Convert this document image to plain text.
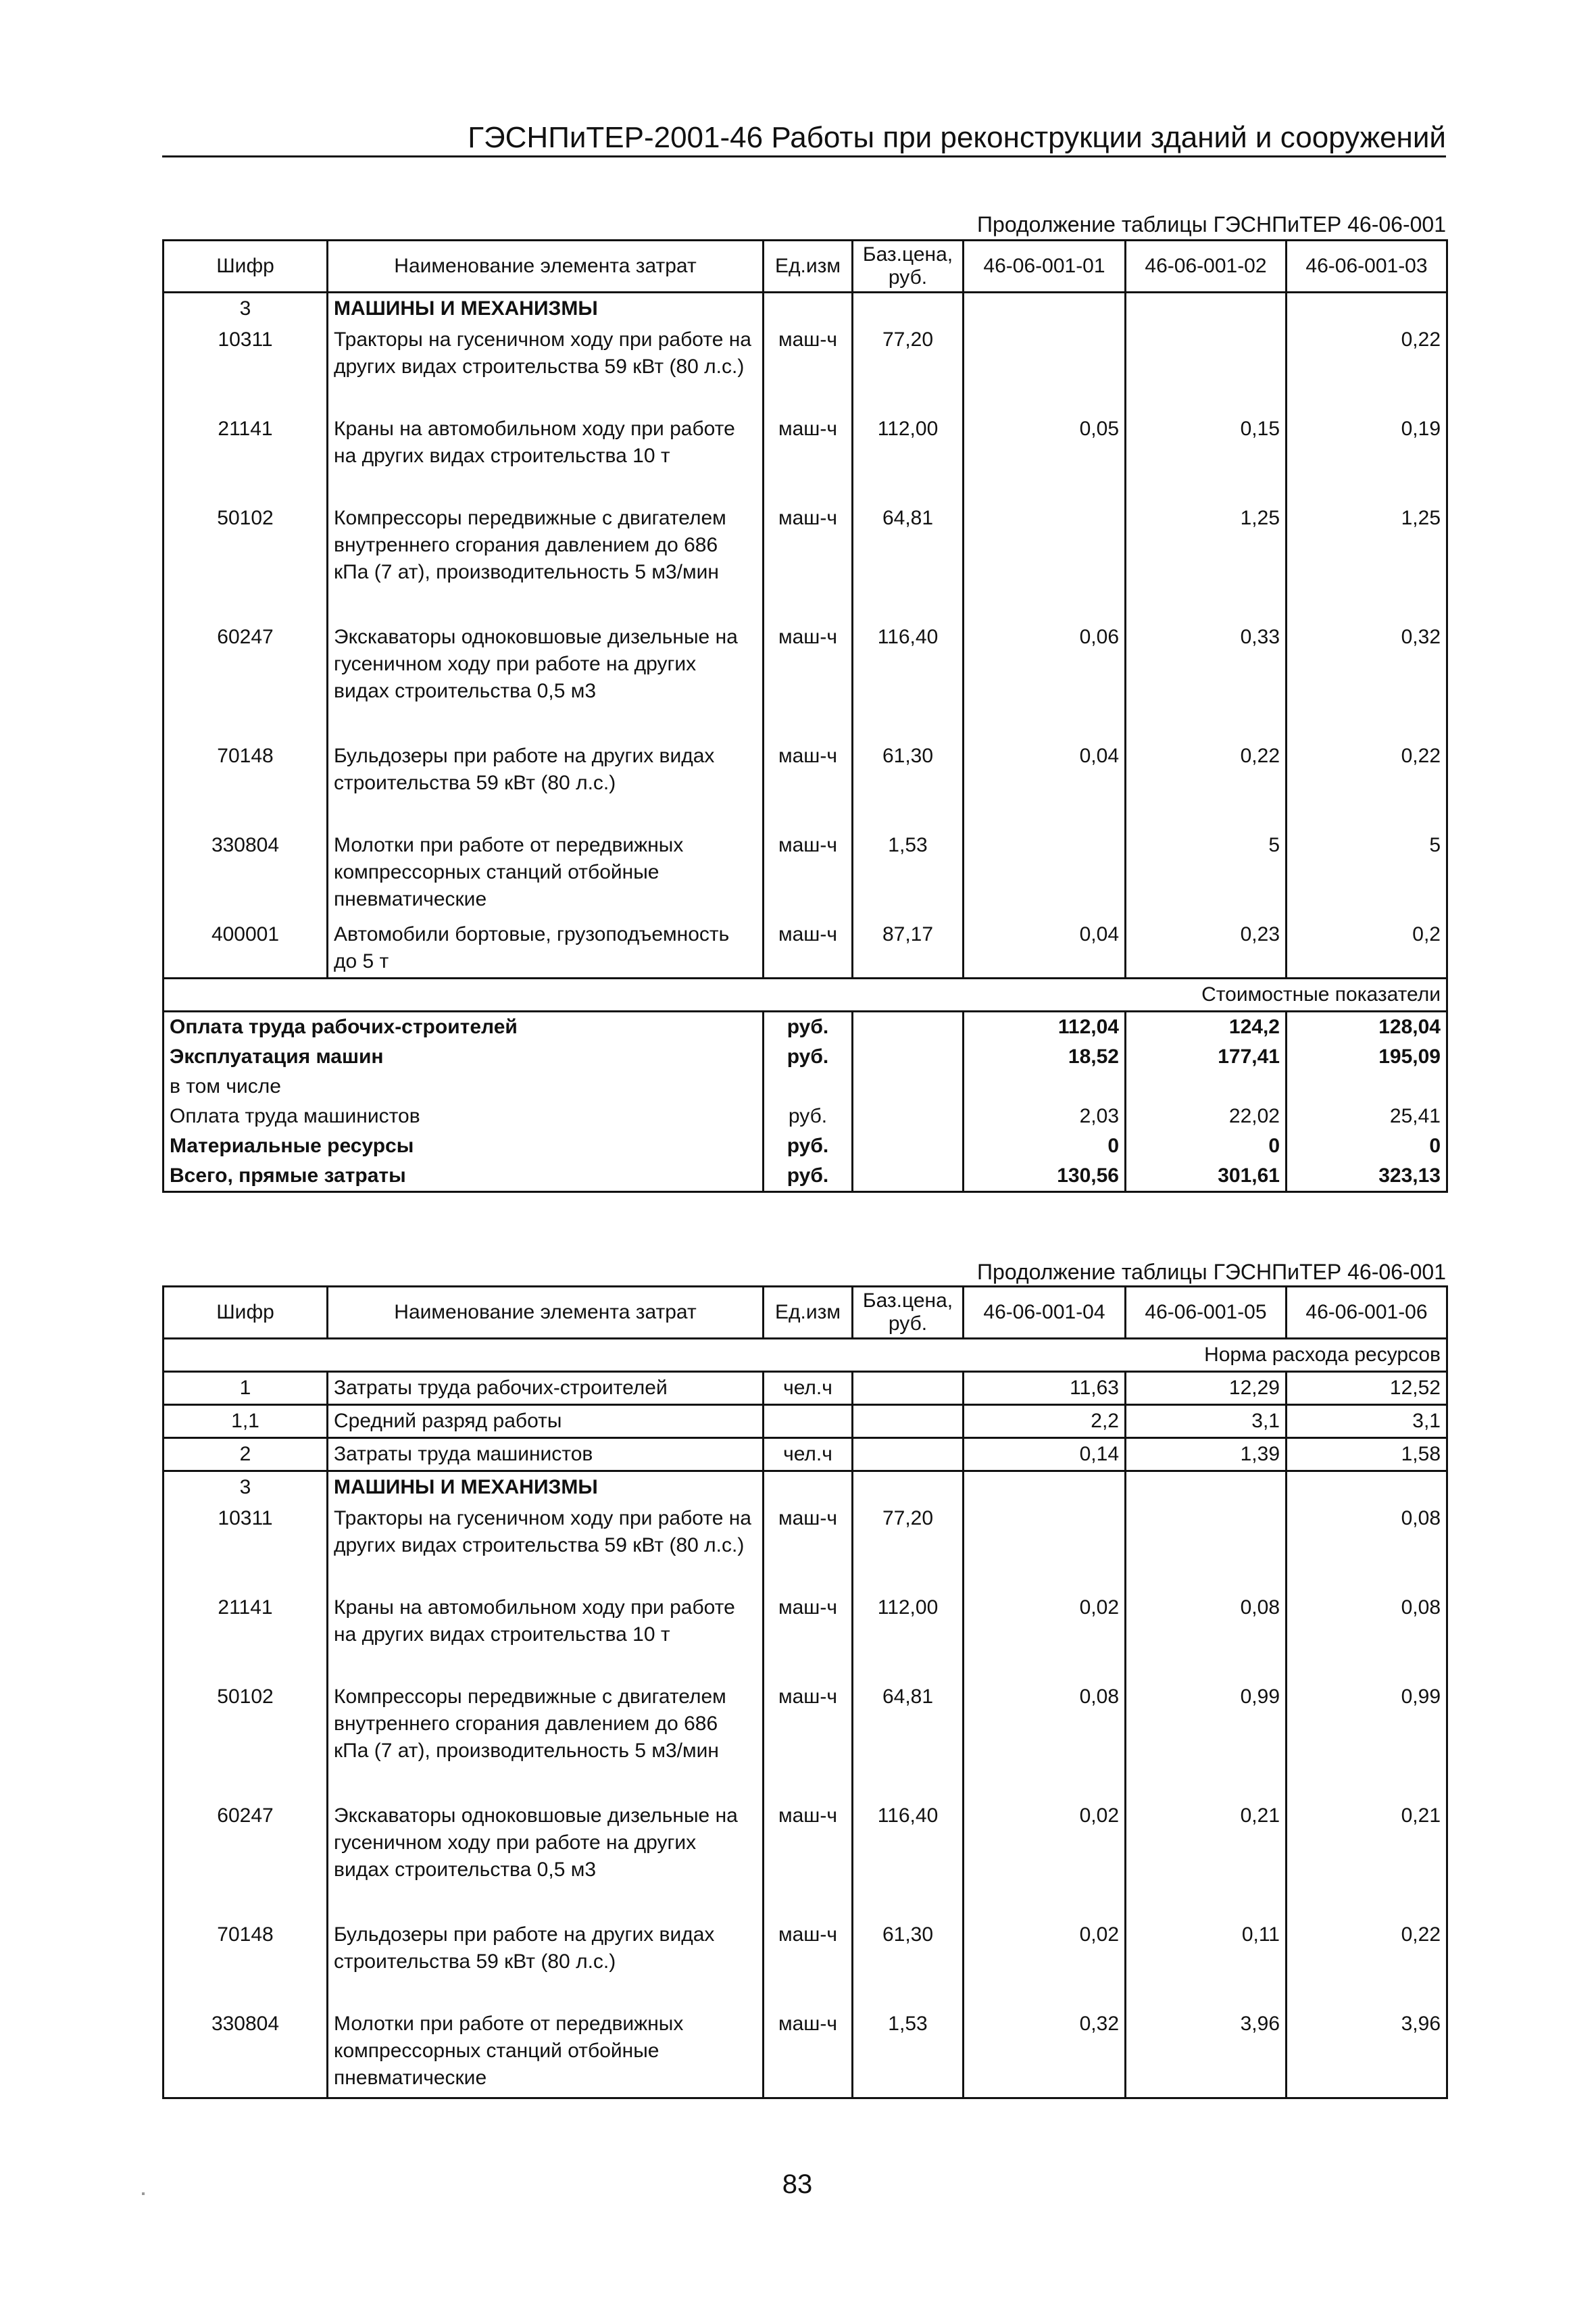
ГЭСНПиТЕР-2001-46 Работы при реконструкции зданий и сооружений
Продолжение таблицы ГЭСНПиТЕР 46-06-001
Шифр	Наименование элемента затрат	Ед.изм	Баз.цена, руб.	46-06-001-01	46-06-001-02	46-06-001-03
3	МАШИНЫ И МЕХАНИЗМЫ					
10311	Тракторы на гусеничном ходу при работе на других видах строительства 59 кВт (80 л.с.)	маш-ч	77,20			0,22
21141	Краны на автомобильном ходу при работе на других видах строительства 10 т	маш-ч	112,00	0,05	0,15	0,19
50102	Компрессоры передвижные с двигателем внутреннего сгорания давлением до 686 кПа (7 ат), производительность 5 м3/мин	маш-ч	64,81		1,25	1,25
60247	Экскаваторы одноковшовые дизельные на гусеничном ходу при работе на других видах строительства 0,5 м3	маш-ч	116,40	0,06	0,33	0,32
70148	Бульдозеры при работе на других видах строительства 59 кВт (80 л.с.)	маш-ч	61,30	0,04	0,22	0,22
330804	Молотки при работе от передвижных компрессорных станций отбойные пневматические	маш-ч	1,53		5	5
400001	Автомобили бортовые, грузоподъемность до 5 т	маш-ч	87,17	0,04	0,23	0,2
Стоимостные показатели						
Оплата труда рабочих-строителей		руб.		112,04	124,2	128,04
Эксплуатация машин		руб.		18,52	177,41	195,09
в том числе						
Оплата труда машинистов		руб.		2,03	22,02	25,41
Материальные ресурсы		руб.		0	0	0
Всего, прямые затраты		руб.		130,56	301,61	323,13
Продолжение таблицы ГЭСНПиТЕР 46-06-001
Шифр	Наименование элемента затрат	Ед.изм	Баз.цена, руб.	46-06-001-04	46-06-001-05	46-06-001-06
Норма расхода ресурсов						
1	Затраты труда рабочих-строителей	чел.ч		11,63	12,29	12,52
1,1	Средний разряд работы			2,2	3,1	3,1
2	Затраты труда машинистов	чел.ч		0,14	1,39	1,58
3	МАШИНЫ И МЕХАНИЗМЫ					
10311	Тракторы на гусеничном ходу при работе на других видах строительства 59 кВт (80 л.с.)	маш-ч	77,20			0,08
21141	Краны на автомобильном ходу при работе на других видах строительства 10 т	маш-ч	112,00	0,02	0,08	0,08
50102	Компрессоры передвижные с двигателем внутреннего сгорания давлением до 686 кПа (7 ат), производительность 5 м3/мин	маш-ч	64,81	0,08	0,99	0,99
60247	Экскаваторы одноковшовые дизельные на гусеничном ходу при работе на других видах строительства 0,5 м3	маш-ч	116,40	0,02	0,21	0,21
70148	Бульдозеры при работе на других видах строительства 59 кВт (80 л.с.)	маш-ч	61,30	0,02	0,11	0,22
330804	Молотки при работе от передвижных компрессорных станций отбойные пневматические	маш-ч	1,53	0,32	3,96	3,96
83
